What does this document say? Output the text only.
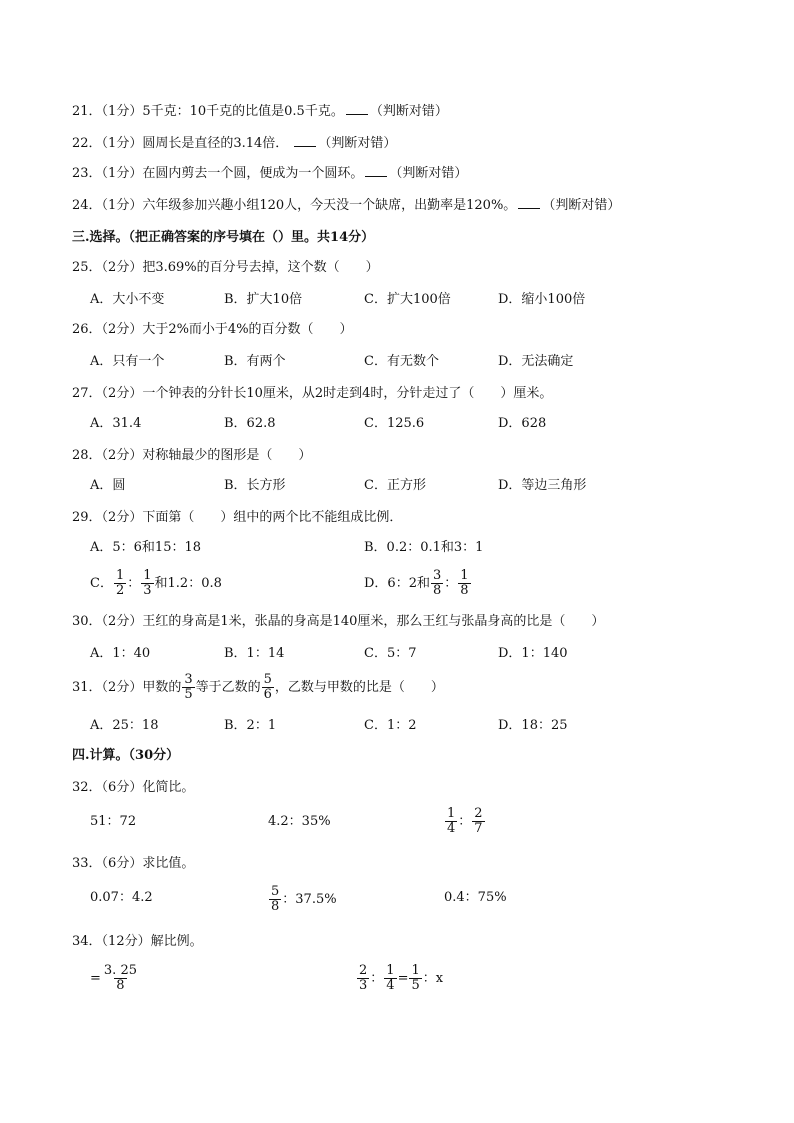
21．（1分）5千克：10千克的比值是0.5千克。 （判断对错）
22．（1分）圆周长是直径的3.14倍． （判断对错）
23．（1分）在圆内剪去一个圆，便成为一个圆环。 （判断对错）
24．（1分）六年级参加兴趣小组120人，今天没一个缺席，出勤率是120%。 （判断对错）
三.选择。（把正确答案的序号填在（）里。共14分）
25．（2分）把3.69%的百分号去掉，这个数（　　）
A．大小不变	B．扩大10倍	C．扩大100倍	D．缩小100倍
26．（2分）大于2%而小于4%的百分数（　　）
A．只有一个	B．有两个	C．有无数个	D．无法确定
27．（2分）一个钟表的分针长10厘米，从2时走到4时，分针走过了（　　）厘米。
A．31.4	B．62.8	C．125.6	D．628
28．（2分）对称轴最少的图形是（　　）
A．圆	B．长方形	C．正方形	D．等边三角形
29．（2分）下面第（　　）组中的两个比不能组成比例．
A．5：6和15：18	B．0.2：0.1和3：1
C． $\frac{1}{2}$ ： $\frac{1}{3}$ 和1.2：0.8	D．6：2和 $\frac{3}{8}$ ： $\frac{1}{8}$
30．（2分）王红的身高是1米，张晶的身高是140厘米，那么王红与张晶身高的比是（　　）
A．1：40	B．1：14	C．5：7	D．1：140
31．（2分）甲数的 $\frac{3}{5}$ 等于乙数的 $\frac{5}{6}$ ，乙数与甲数的比是（　　）
A．25：18	B．2：1	C．1：2	D．18：25
四.计算。（30分）
32．（6分）化简比。
51：72	4.2：35%	$\frac{1}{4}$ ： $\frac{2}{7}$
33．（6分）求比值。
0.07：4.2	$\frac{5}{8}$ ：37.5%	0.4：75%
34．（12分）解比例。
= $\frac{3. 25}{8}$	$\frac{2}{3}$ ： $\frac{1}{4} = \frac{1}{5}$ ：x
